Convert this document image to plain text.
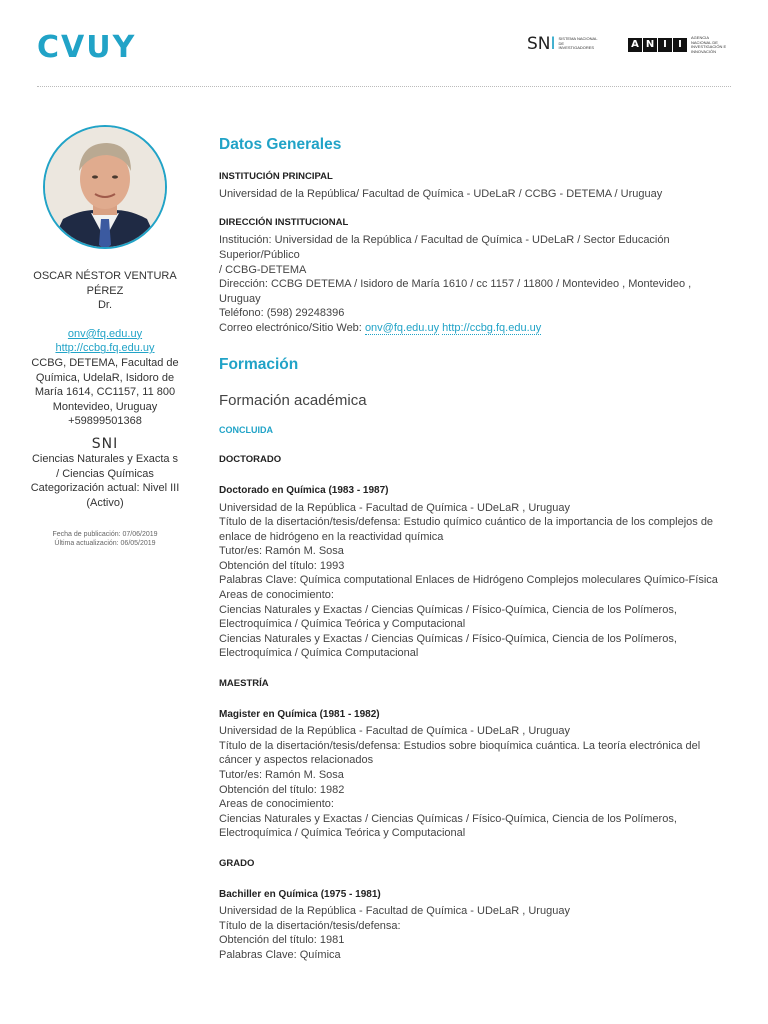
CVUY	SNI SISTEMA NACIONAL DE INVESTIGADORES	A N I	I
AGENCIA NACIONAL DE INVESTIGACIÓN E INNOVACIÓN
OSCAR NÉSTOR VENTURA PÉREZ
Dr.
onv@fq.edu.uy
http://ccbg.fq.edu.uy
CCBG, DETEMA, Facultad de Química, UdelaR, Isidoro de María 1614, CC1157, 11 800 Montevideo, Uruguay
+59899501368
SNI
Ciencias Naturales y Exacta s / Ciencias Químicas
Categorización actual: Nivel III (Activo)
Fecha de publicación: 07/06/2019
Última actualización: 06/05/2019
Datos Generales
INSTITUCIÓN PRINCIPAL
Universidad de la República/ Facultad de Química - UDeLaR / CCBG - DETEMA / Uruguay
DIRECCIÓN INSTITUCIONAL
Institución: Universidad de la República / Facultad de Química - UDeLaR / Sector Educación Superior/Público
/ CCBG-DETEMA
Dirección: CCBG DETEMA / Isidoro de María 1610 / cc 1157 / 11800 / Montevideo , Montevideo , Uruguay
Teléfono: (598) 29248396
Correo electrónico/Sitio Web: onv@fq.edu.uy http://ccbg.fq.edu.uy
Formación
Formación académica
CONCLUIDA
DOCTORADO
Doctorado en Química (1983 - 1987)
Universidad de la República - Facultad de Química - UDeLaR , Uruguay
Título de la disertación/tesis/defensa: Estudio químico cuántico de la importancia de los complejos de enlace de hidrógeno en la reactividad química
Tutor/es: Ramón M. Sosa
Obtención del título: 1993
Palabras Clave: Química computational Enlaces de Hidrógeno Complejos moleculares Químico-Física
Areas de conocimiento:
Ciencias Naturales y Exactas / Ciencias Químicas / Físico-Química, Ciencia de los Polímeros, Electroquímica / Química Teórica y Computacional
Ciencias Naturales y Exactas / Ciencias Químicas / Físico-Química, Ciencia de los Polímeros, Electroquímica / Química Computacional
MAESTRÍA
Magister en Química (1981 - 1982)
Universidad de la República - Facultad de Química - UDeLaR , Uruguay
Título de la disertación/tesis/defensa: Estudios sobre bioquímica cuántica. La teoría electrónica del cáncer y aspectos relacionados
Tutor/es: Ramón M. Sosa
Obtención del título: 1982
Areas de conocimiento:
Ciencias Naturales y Exactas / Ciencias Químicas / Físico-Química, Ciencia de los Polímeros, Electroquímica / Química Teórica y Computacional
GRADO
Bachiller en Química (1975 - 1981)
Universidad de la República - Facultad de Química - UDeLaR , Uruguay
Título de la disertación/tesis/defensa:
Obtención del título: 1981
Palabras Clave: Química
